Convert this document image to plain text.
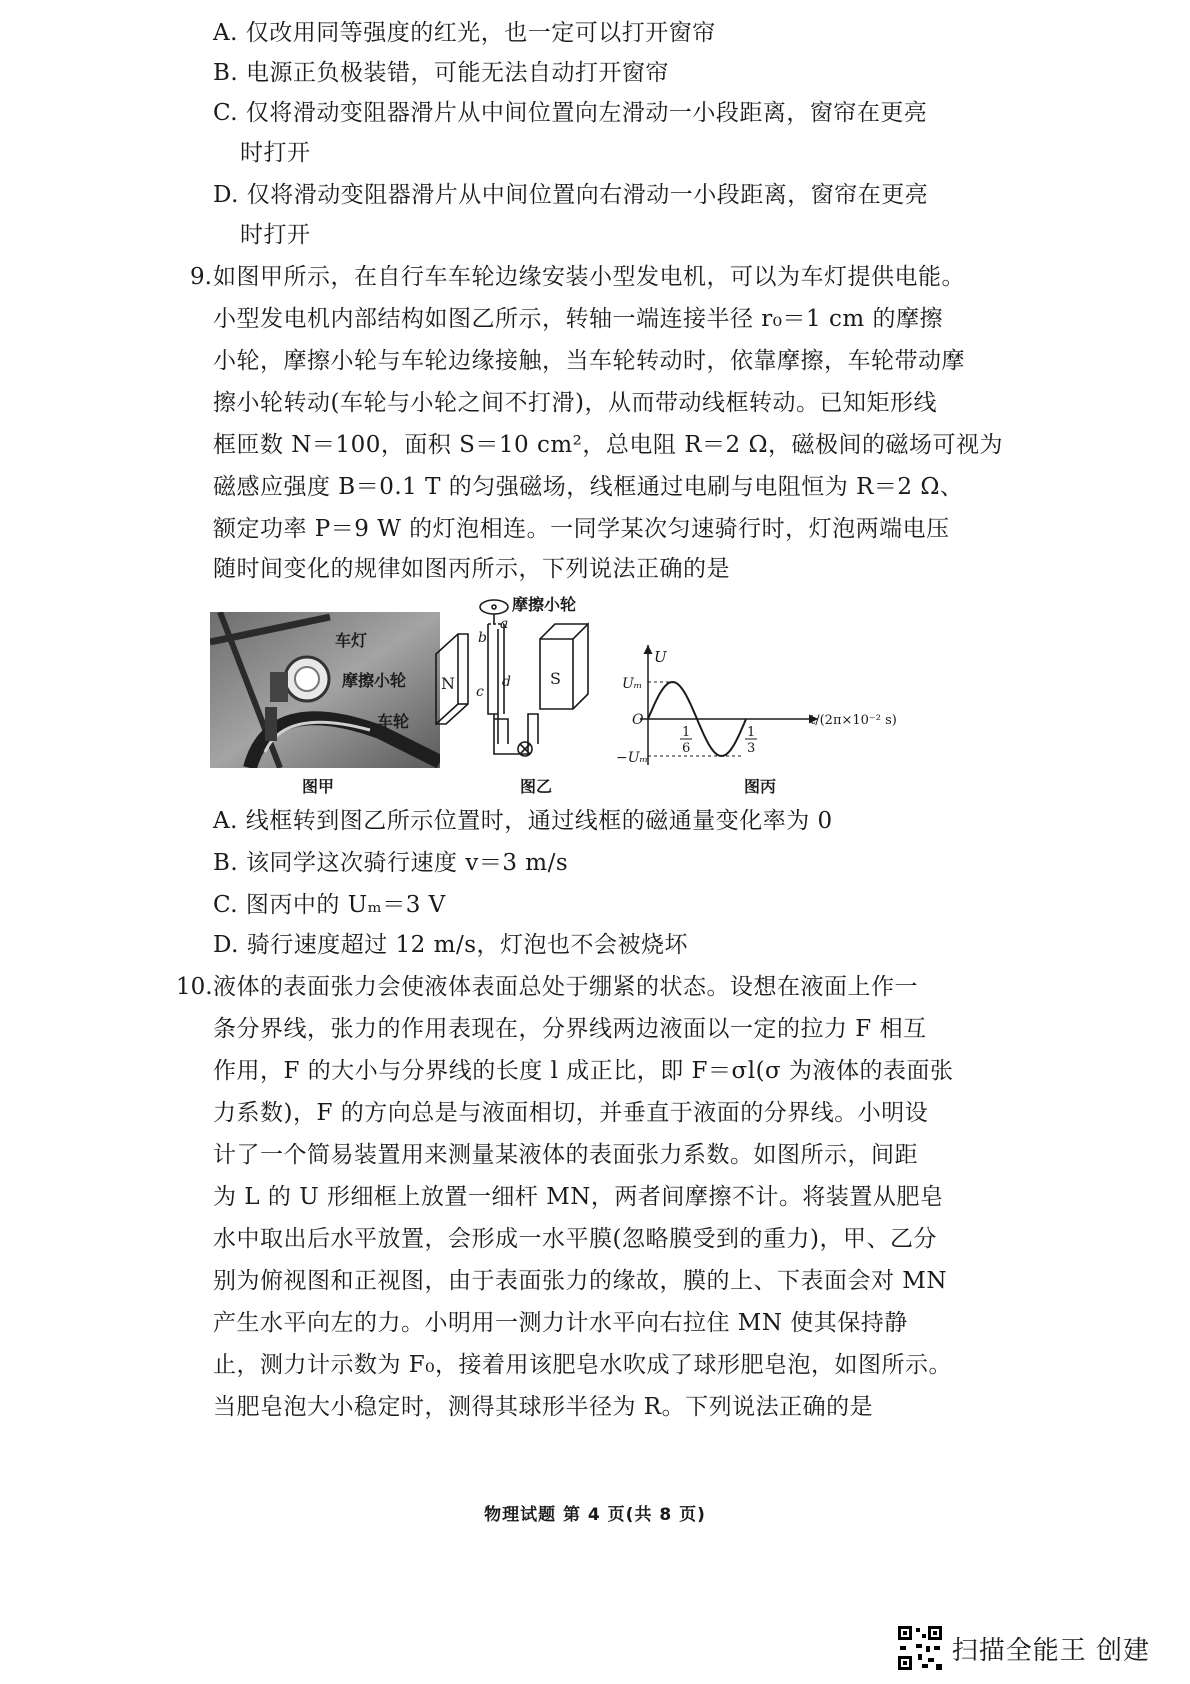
A. 仅改用同等强度的红光，也一定可以打开窗帘
B. 电源正负极装错，可能无法自动打开窗帘
C. 仅将滑动变阻器滑片从中间位置向左滑动一小段距离，窗帘在更亮
时打开
D. 仅将滑动变阻器滑片从中间位置向右滑动一小段距离，窗帘在更亮
时打开
9. 如图甲所示，在自行车车轮边缘安装小型发电机，可以为车灯提供电能。
小型发电机内部结构如图乙所示，转轴一端连接半径 r₀＝1 cm 的摩擦
小轮，摩擦小轮与车轮边缘接触，当车轮转动时，依靠摩擦，车轮带动摩
擦小轮转动(车轮与小轮之间不打滑)，从而带动线框转动。已知矩形线
框匝数 N＝100，面积 S＝10 cm²，总电阻 R＝2 Ω，磁极间的磁场可视为
磁感应强度 B＝0.1 T 的匀强磁场，线框通过电刷与电阻恒为 R＝2 Ω、
额定功率 P＝9 W 的灯泡相连。一同学某次匀速骑行时，灯泡两端电压
随时间变化的规律如图丙所示，下列说法正确的是
车灯
摩擦小轮
车轮
图甲
N	S
a
b
c
d
摩擦小轮
图乙
U
Uₘ
O
−Uₘ
1
6
1
3
t/(2π×10⁻² s)
图丙
A. 线框转到图乙所示位置时，通过线框的磁通量变化率为 0
B. 该同学这次骑行速度 v＝3 m/s
C. 图丙中的 Uₘ＝3 V
D. 骑行速度超过 12 m/s，灯泡也不会被烧坏
10. 液体的表面张力会使液体表面总处于绷紧的状态。设想在液面上作一
条分界线，张力的作用表现在，分界线两边液面以一定的拉力 F 相互
作用，F 的大小与分界线的长度 l 成正比，即 F＝σl(σ 为液体的表面张
力系数)，F 的方向总是与液面相切，并垂直于液面的分界线。小明设
计了一个简易装置用来测量某液体的表面张力系数。如图所示，间距
为 L 的 U 形细框上放置一细杆 MN，两者间摩擦不计。将装置从肥皂
水中取出后水平放置，会形成一水平膜(忽略膜受到的重力)，甲、乙分
别为俯视图和正视图，由于表面张力的缘故，膜的上、下表面会对 MN
产生水平向左的力。小明用一测力计水平向右拉住 MN 使其保持静
止，测力计示数为 F₀，接着用该肥皂水吹成了球形肥皂泡，如图所示。
当肥皂泡大小稳定时，测得其球形半径为 R。下列说法正确的是
物理试题 第 4 页(共 8 页)
扫描全能王 创建
